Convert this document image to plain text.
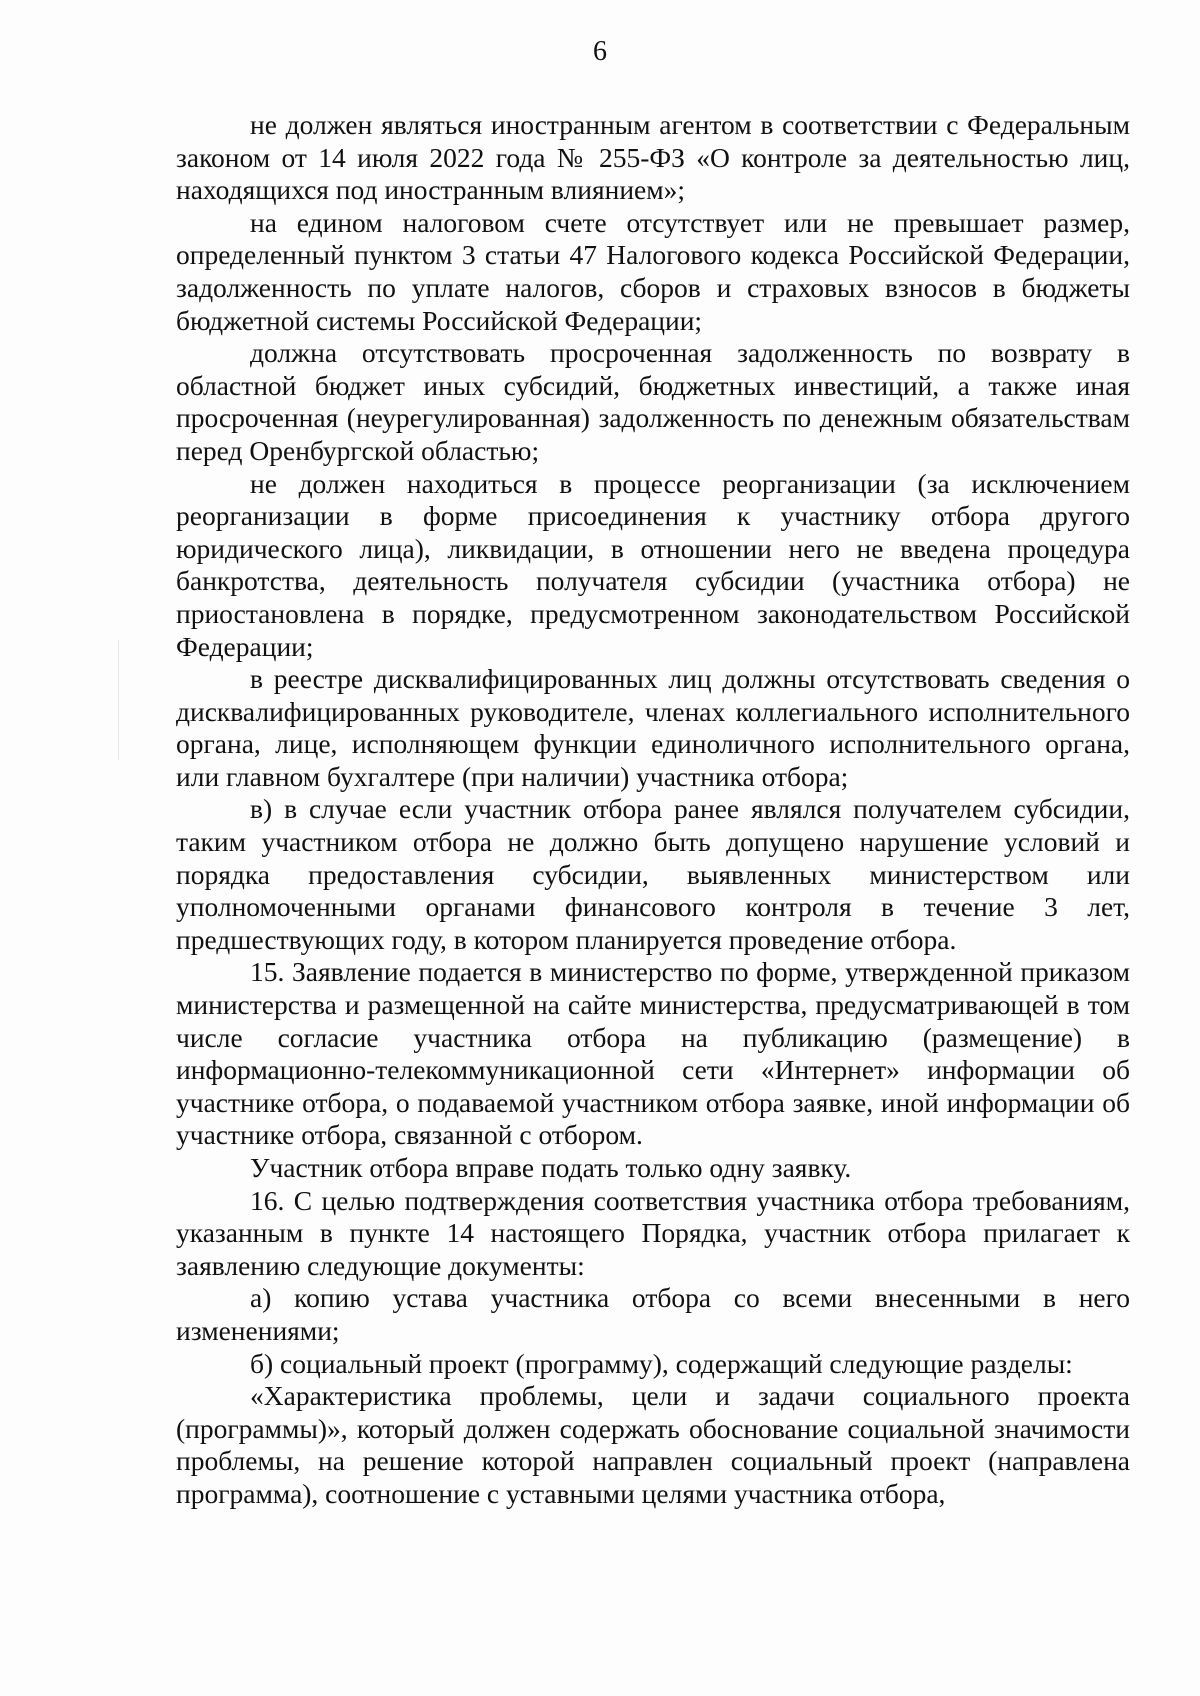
6

не должен являться иностранным агентом в соответствии с Федеральным законом от 14 июля 2022 года № 255-ФЗ «О контроле за деятельностью лиц, находящихся под иностранным влиянием»;

на едином налоговом счете отсутствует или не превышает размер, определенный пунктом 3 статьи 47 Налогового кодекса Российской Федерации, задолженность по уплате налогов, сборов и страховых взносов в бюджеты бюджетной системы Российской Федерации;

должна отсутствовать просроченная задолженность по возврату в областной бюджет иных субсидий, бюджетных инвестиций, а также иная просроченная (неурегулированная) задолженность по денежным обязательствам перед Оренбургской областью;

не должен находиться в процессе реорганизации (за исключением реорганизации в форме присоединения к участнику отбора другого юридического лица), ликвидации, в отношении него не введена процедура банкротства, деятельность получателя субсидии (участника отбора) не приостановлена в порядке, предусмотренном законодательством Российской Федерации;

в реестре дисквалифицированных лиц должны отсутствовать сведения о дисквалифицированных руководителе, членах коллегиального исполнительного органа, лице, исполняющем функции единоличного исполнительного органа, или главном бухгалтере (при наличии) участника отбора;

в) в случае если участник отбора ранее являлся получателем субсидии, таким участником отбора не должно быть допущено нарушение условий и порядка предоставления субсидии, выявленных министерством или уполномоченными органами финансового контроля в течение 3 лет, предшествующих году, в котором планируется проведение отбора.

15. Заявление подается в министерство по форме, утвержденной приказом министерства и размещенной на сайте министерства, предусматривающей в том числе согласие участника отбора на публикацию (размещение) в информационно-телекоммуникационной сети «Интернет» информации об участнике отбора, о подаваемой участником отбора заявке, иной информации об участнике отбора, связанной с отбором.

Участник отбора вправе подать только одну заявку.

16. С целью подтверждения соответствия участника отбора требованиям, указанным в пункте 14 настоящего Порядка, участник отбора прилагает к заявлению следующие документы:

а) копию устава участника отбора со всеми внесенными в него изменениями;

б) социальный проект (программу), содержащий следующие разделы:

«Характеристика проблемы, цели и задачи социального проекта (программы)», который должен содержать обоснование социальной значимости проблемы, на решение которой направлен социальный проект (направлена программа), соотношение с уставными целями участника отбора,
